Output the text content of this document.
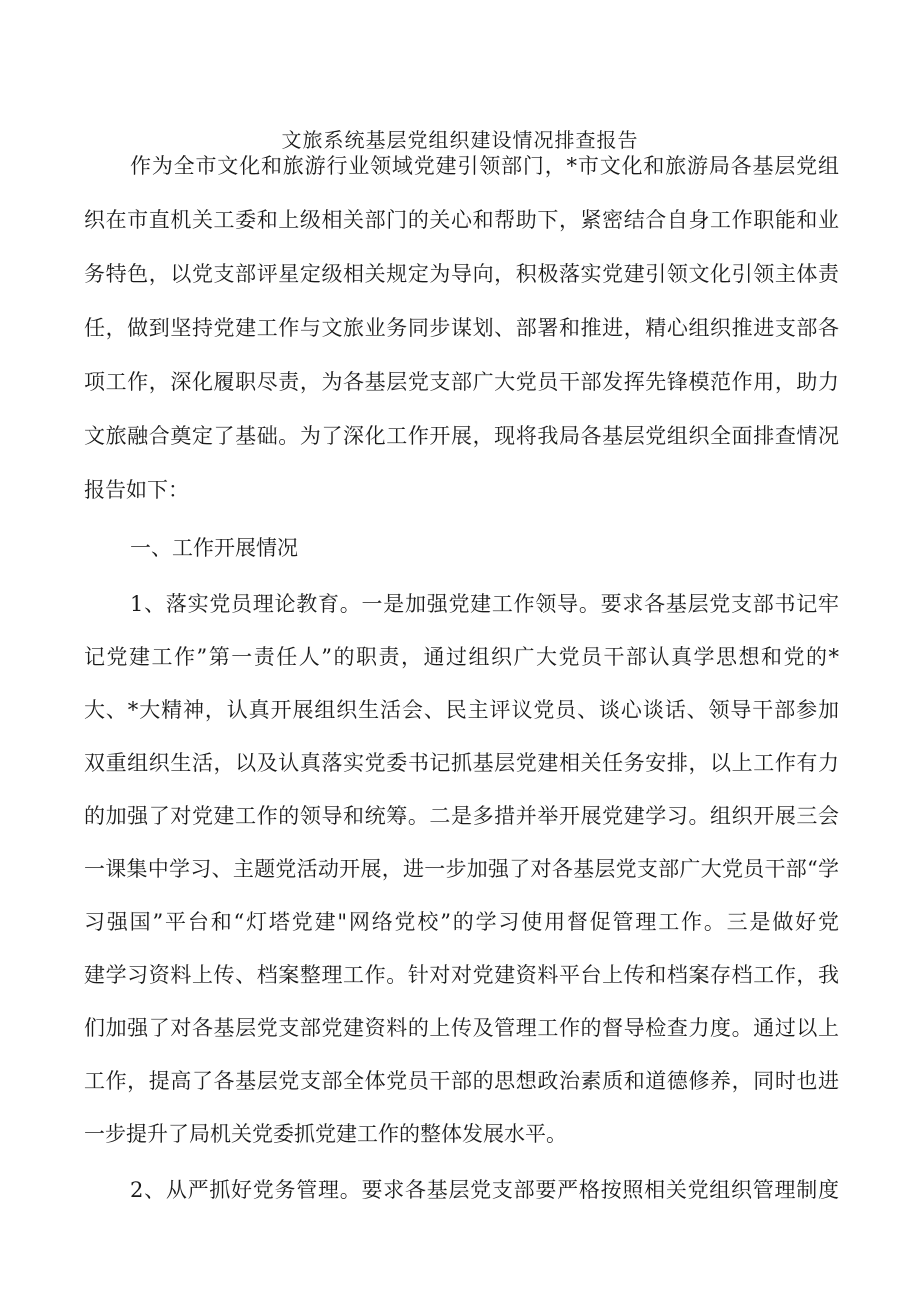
文旅系统基层党组织建设情况排查报告
作为全市文化和旅游行业领域党建引领部门，*市文化和旅游局各基层党组
织在市直机关工委和上级相关部门的关心和帮助下，紧密结合自身工作职能和业
务特色，以党支部评星定级相关规定为导向，积极落实党建引领文化引领主体责
任，做到坚持党建工作与文旅业务同步谋划、部署和推进，精心组织推进支部各
项工作，深化履职尽责，为各基层党支部广大党员干部发挥先锋模范作用，助力
文旅融合奠定了基础。为了深化工作开展，现将我局各基层党组织全面排查情况
报告如下：
一、工作开展情况
1、落实党员理论教育。一是加强党建工作领导。要求各基层党支部书记牢
记党建工作”第一责任人”的职责，通过组织广大党员干部认真学思想和党的*
大、*大精神，认真开展组织生活会、民主评议党员、谈心谈话、领导干部参加
双重组织生活，以及认真落实党委书记抓基层党建相关任务安排，以上工作有力
的加强了对党建工作的领导和统筹。二是多措并举开展党建学习。组织开展三会
一课集中学习、主题党活动开展，进一步加强了对各基层党支部广大党员干部“学
习强国”平台和“灯塔党建"网络党校”的学习使用督促管理工作。三是做好党
建学习资料上传、档案整理工作。针对对党建资料平台上传和档案存档工作，我
们加强了对各基层党支部党建资料的上传及管理工作的督导检查力度。通过以上
工作，提高了各基层党支部全体党员干部的思想政治素质和道德修养，同时也进
一步提升了局机关党委抓党建工作的整体发展水平。
2、从严抓好党务管理。要求各基层党支部要严格按照相关党组织管理制度
